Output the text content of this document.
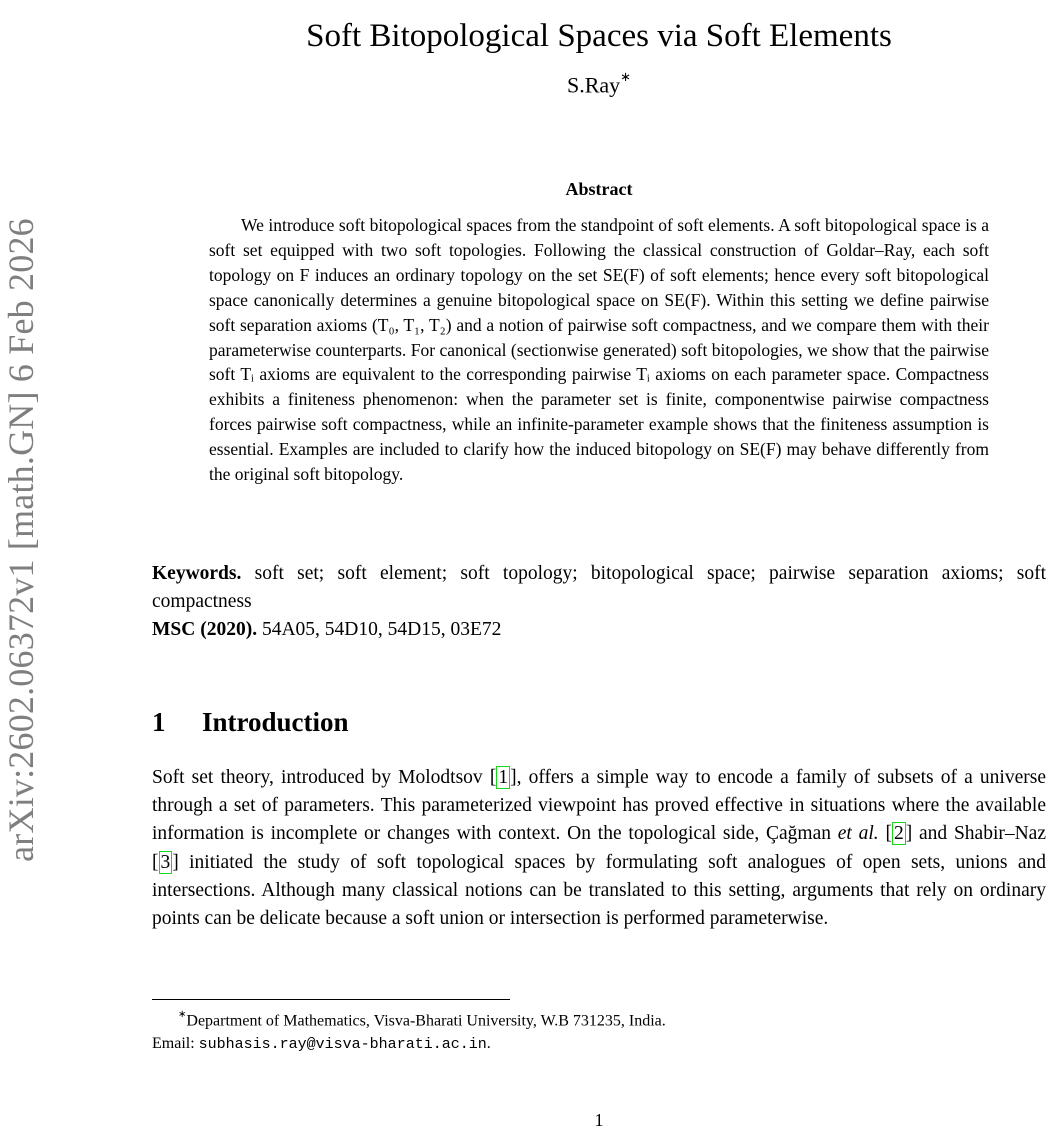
arXiv:2602.06372v1 [math.GN] 6 Feb 2026
Soft Bitopological Spaces via Soft Elements
S.Ray∗
Abstract
We introduce soft bitopological spaces from the standpoint of soft elements. A soft bitopological space is a soft set equipped with two soft topologies. Following the classical construction of Goldar–Ray, each soft topology on F induces an ordinary topology on the set SE(F) of soft elements; hence every soft bitopological space canonically determines a genuine bitopological space on SE(F). Within this setting we define pairwise soft separation axioms (T₀, T₁, T₂) and a notion of pairwise soft compactness, and we compare them with their parameterwise counterparts. For canonical (sectionwise generated) soft bitopologies, we show that the pairwise soft Tᵢ axioms are equivalent to the corresponding pairwise Tᵢ axioms on each parameter space. Compactness exhibits a finiteness phenomenon: when the parameter set is finite, componentwise pairwise compactness forces pairwise soft compactness, while an infinite-parameter example shows that the finiteness assumption is essential. Examples are included to clarify how the induced bitopology on SE(F) may behave differently from the original soft bitopology.
Keywords. soft set; soft element; soft topology; bitopological space; pairwise separation axioms; soft compactness
MSC (2020). 54A05, 54D10, 54D15, 03E72
1	Introduction
Soft set theory, introduced by Molodtsov [ 1 ], offers a simple way to encode a family of subsets of a universe through a set of parameters. This parameterized viewpoint has proved effective in situations where the available information is incomplete or changes with context. On the topological side, Çağman et al. [ 2 ] and Shabir–Naz [ 3 ] initiated the study of soft topological spaces by formulating soft analogues of open sets, unions and intersections. Although many classical notions can be translated to this setting, arguments that rely on ordinary points can be delicate because a soft union or intersection is performed parameterwise.
∗Department of Mathematics, Visva-Bharati University, W.B 731235, India.
Email: subhasis.ray@visva-bharati.ac.in.
1
